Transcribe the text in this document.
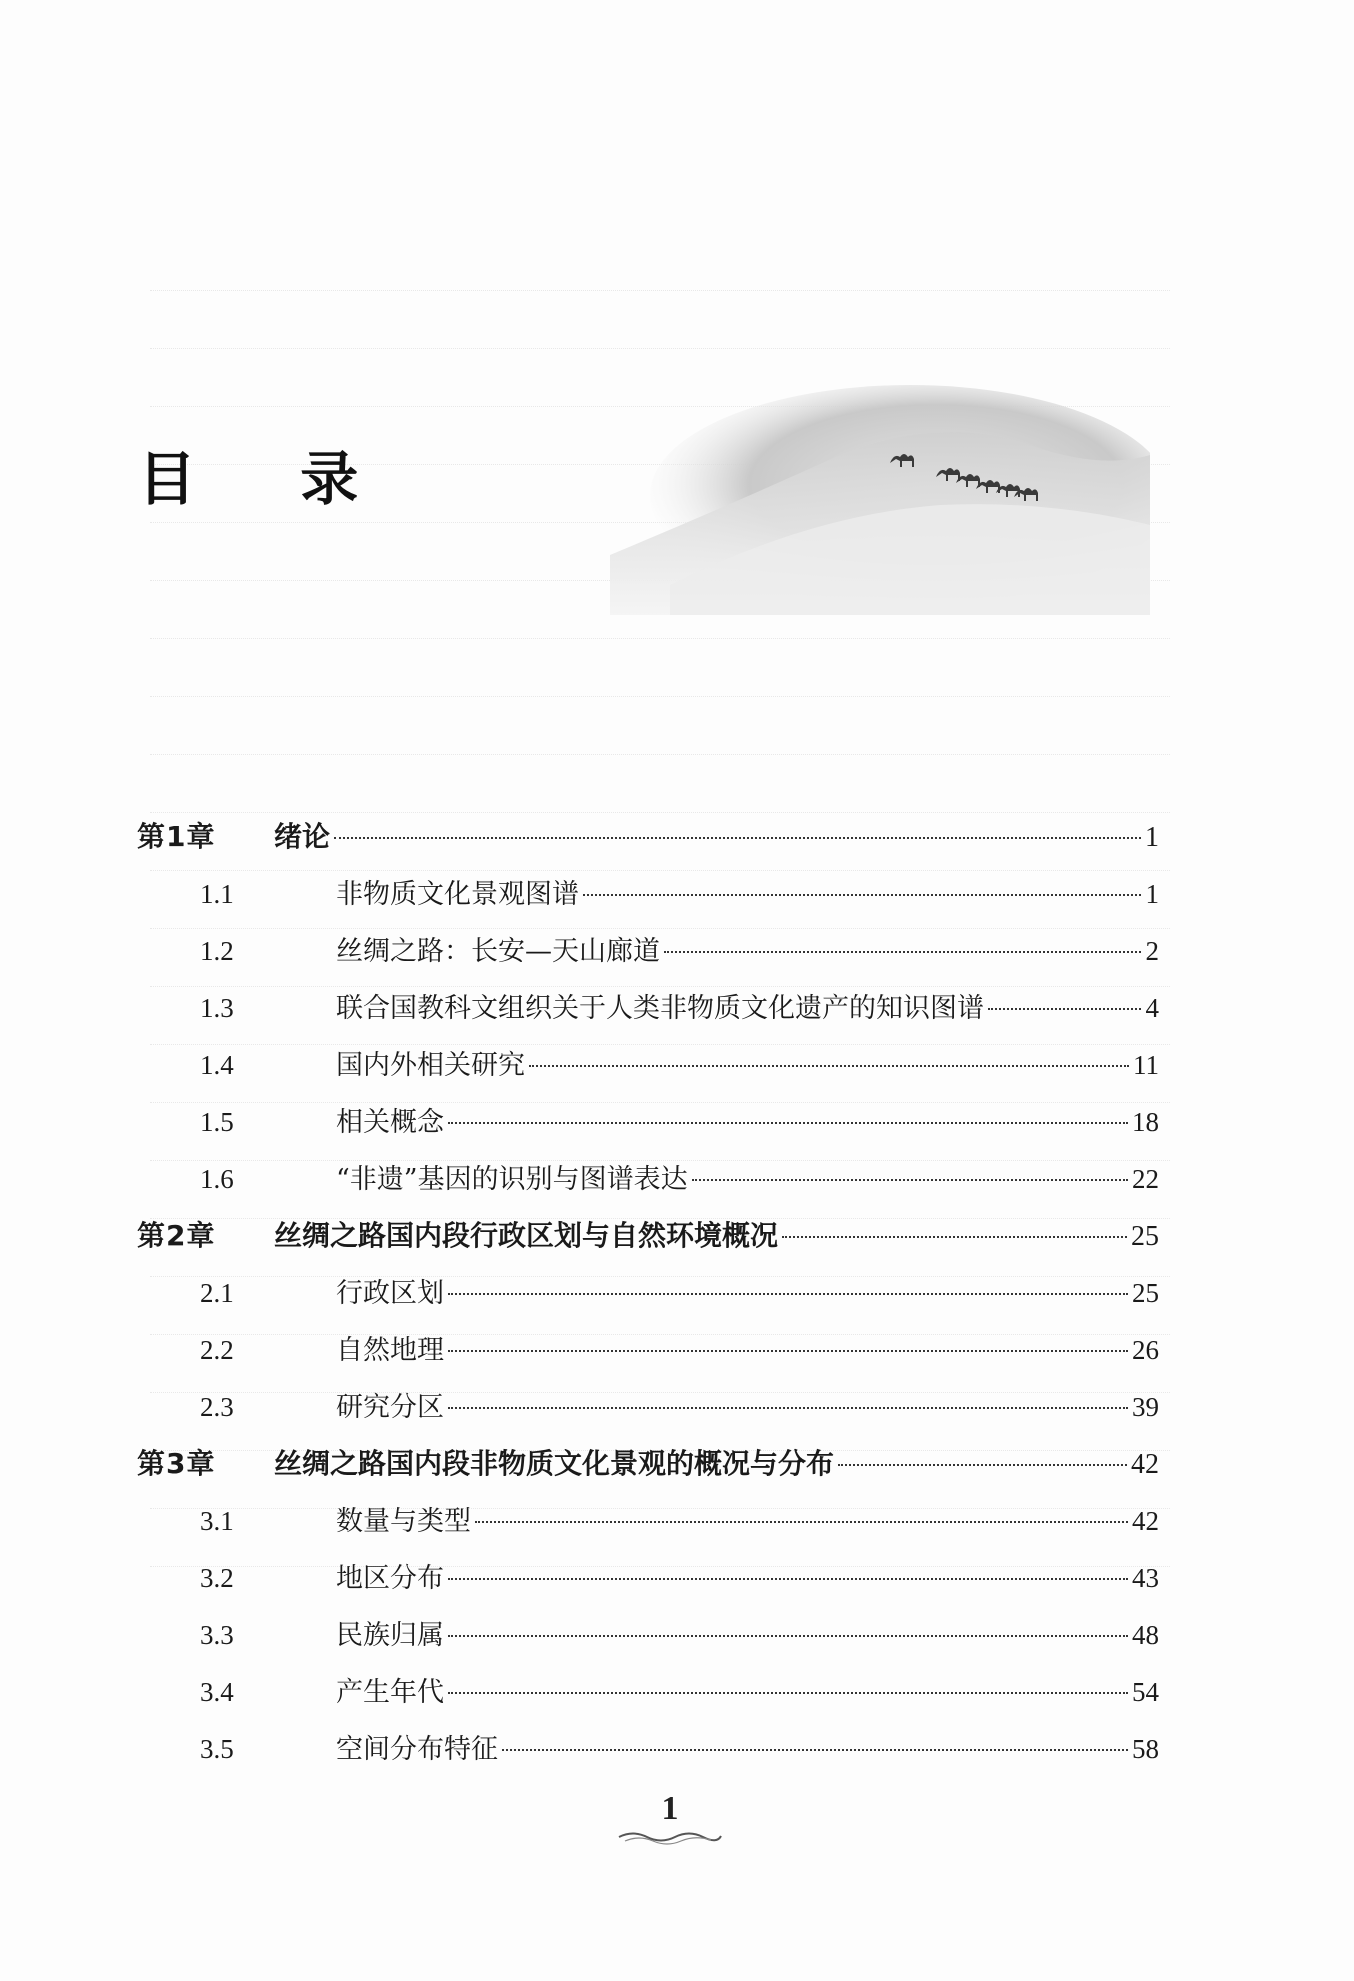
目 录
第1章	绪论	1
1.1	非物质文化景观图谱	1
1.2	丝绸之路：长安—天山廊道	2
1.3	联合国教科文组织关于人类非物质文化遗产的知识图谱	4
1.4	国内外相关研究	11
1.5	相关概念	18
1.6	“非遗”基因的识别与图谱表达	22
第2章	丝绸之路国内段行政区划与自然环境概况	25
2.1	行政区划	25
2.2	自然地理	26
2.3	研究分区	39
第3章	丝绸之路国内段非物质文化景观的概况与分布	42
3.1	数量与类型	42
3.2	地区分布	43
3.3	民族归属	48
3.4	产生年代	54
3.5	空间分布特征	58
1
